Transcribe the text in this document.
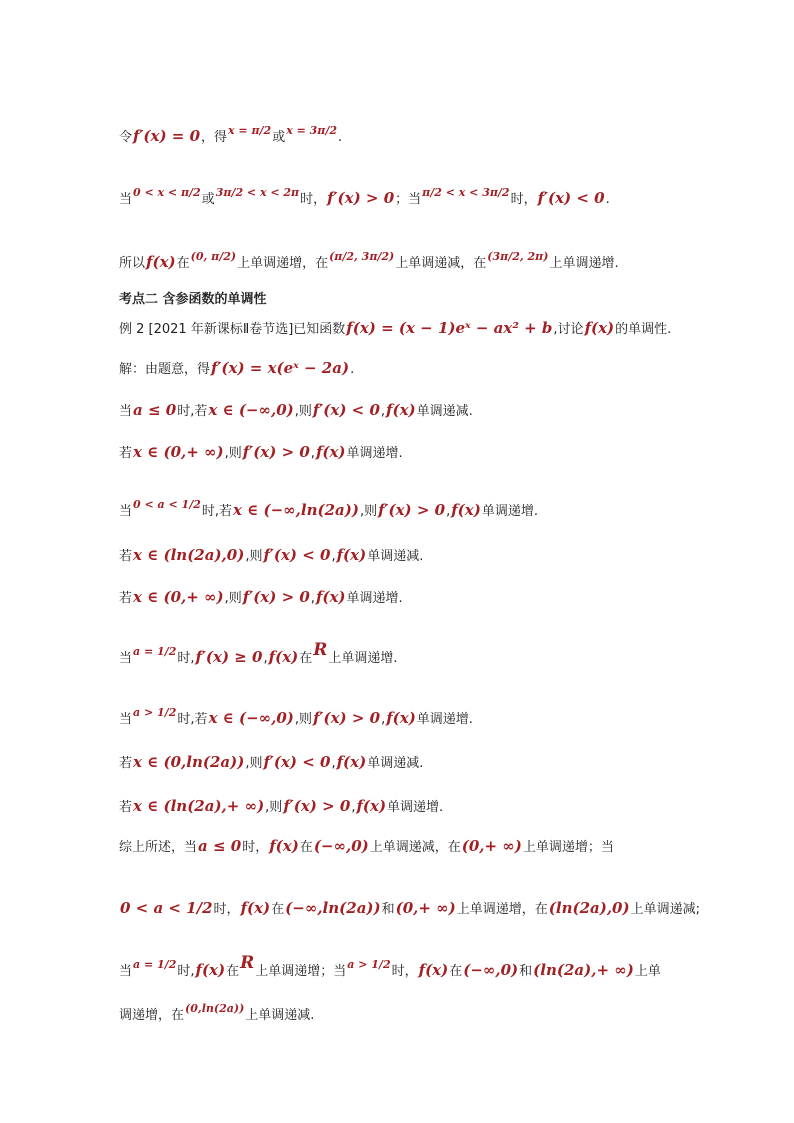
令 f′(x) = 0 ，得 x = π/2 或 x = 3π/2 .
当 0 < x < π/2 或 3π/2 < x < 2π 时， f′(x) > 0 ；当 π/2 < x < 3π/2 时， f′(x) < 0 .
所以 f(x) 在 (0, π/2) 上单调递增，在 (π/2, 3π/2) 上单调递减，在 (3π/2, 2π) 上单调递增.
考点二 含参函数的单调性
例 2 [2021 年新课标Ⅱ卷节选]已知函数 f(x) = (x − 1)eˣ − ax² + b ,讨论 f(x) 的单调性.
解：由题意，得 f′(x) = x(eˣ − 2a) .
当 a ≤ 0 时,若 x ∈ (−∞,0) ,则 f′(x) < 0 , f(x) 单调递减.
若 x ∈ (0,+ ∞) ,则 f′(x) > 0 , f(x) 单调递增.
当 0 < a < 1/2 时,若 x ∈ (−∞,ln(2a)) ,则 f′(x) > 0 , f(x) 单调递增.
若 x ∈ (ln(2a),0) ,则 f′(x) < 0 , f(x) 单调递减.
若 x ∈ (0,+ ∞) ,则 f′(x) > 0 , f(x) 单调递增.
当 a = 1/2 时, f′(x) ≥ 0 , f(x) 在 R 上单调递增.
当 a > 1/2 时,若 x ∈ (−∞,0) ,则 f′(x) > 0 , f(x) 单调递增.
若 x ∈ (0,ln(2a)) ,则 f′(x) < 0 , f(x) 单调递减.
若 x ∈ (ln(2a),+ ∞) ,则 f′(x) > 0 , f(x) 单调递增.
综上所述，当 a ≤ 0 时， f(x) 在 (−∞,0) 上单调递减，在 (0,+ ∞) 上单调递增；当
0 < a < 1/2 时， f(x) 在 (−∞,ln(2a)) 和 (0,+ ∞) 上单调递增，在 (ln(2a),0) 上单调递减;
当 a = 1/2 时, f(x) 在 R 上单调递增；当 a > 1/2 时， f(x) 在 (−∞,0) 和 (ln(2a),+ ∞) 上单
调递增，在 (0,ln(2a)) 上单调递减.
